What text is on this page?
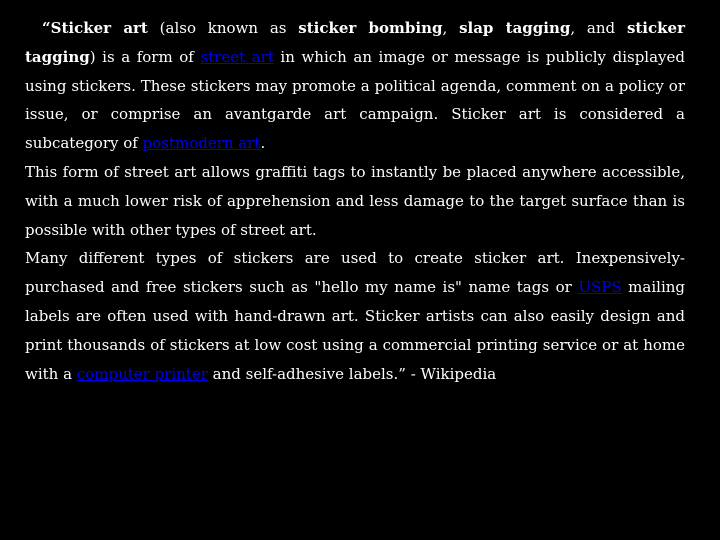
“Sticker art (also known as sticker bombing, slap tagging, and sticker tagging) is a form of street art in which an image or message is publicly displayed using stickers. These stickers may promote a political agenda, comment on a policy or issue, or comprise an avantgarde art campaign. Sticker art is considered a subcategory of postmodern art.

This form of street art allows graffiti tags to instantly be placed anywhere accessible, with a much lower risk of apprehension and less damage to the target surface than is possible with other types of street art.

Many different types of stickers are used to create sticker art. Inexpensively-purchased and free stickers such as "hello my name is" name tags or USPS mailing labels are often used with hand-drawn art. Sticker artists can also easily design and print thousands of stickers at low cost using a commercial printing service or at home with a computer printer and self-adhesive labels.” - Wikipedia
